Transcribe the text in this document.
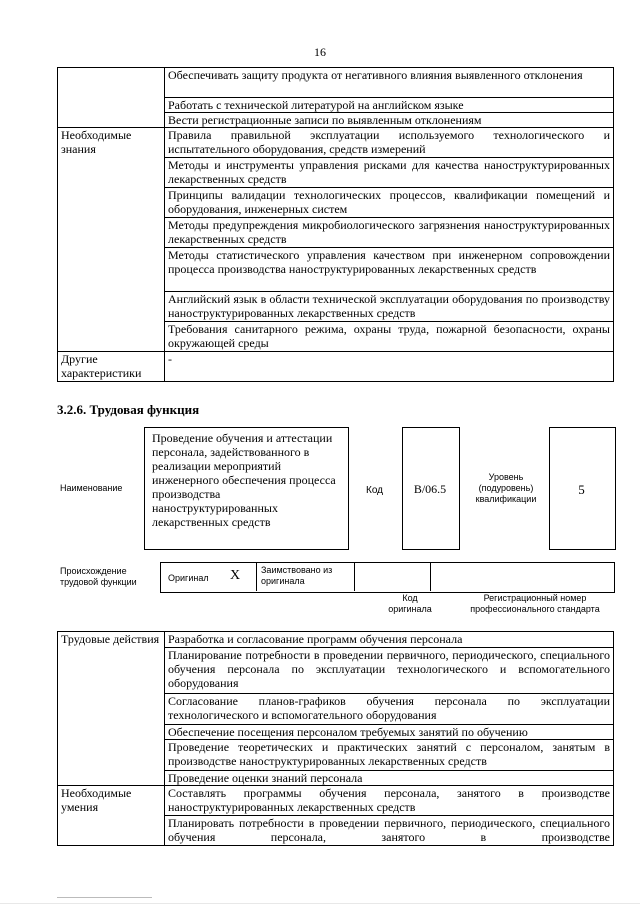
16
	Обеспечивать защиту продукта от негативного влияния выявленного отклонения
	Работать с технической литературой на английском языке
	Вести регистрационные записи по выявленным отклонениям
Необходимые знания	Правила правильной эксплуатации используемого технологического и испытательного оборудования, средств измерений
	Методы и инструменты управления рисками для качества наноструктурированных лекарственных средств
	Принципы валидации технологических процессов, квалификации помещений и оборудования, инженерных систем
	Методы предупреждения микробиологического загрязнения наноструктурированных лекарственных средств
	Методы статистического управления качеством при инженерном сопровождении процесса производства наноструктурированных лекарственных средств
	Английский язык в области технической эксплуатации оборудования по производству наноструктурированных лекарственных средств
	Требования санитарного режима, охраны труда, пожарной безопасности, охраны окружающей среды
Другие характеристики	-
3.2.6. Трудовая функция
Наименование
Проведение обучения и аттестации персонала, задействованного в реализации мероприятий инженерного обеспечения процесса производства наноструктурированных лекарственных средств
Код	B/06.5
Уровень (подуровень) квалификации
5
Происхождение трудовой функции	Оригинал X Заимствовано из оригинала
Код оригинала
Регистрационный номер профессионального стандарта
Трудовые действия	Разработка и согласование программ обучения персонала
	Планирование потребности в проведении первичного, периодического, специального обучения персонала по эксплуатации технологического и вспомогательного оборудования
	Согласование планов-графиков обучения персонала по эксплуатации технологического и вспомогательного оборудования
	Обеспечение посещения персоналом требуемых занятий по обучению
	Проведение теоретических и практических занятий с персоналом, занятым в производстве наноструктурированных лекарственных средств
	Проведение оценки знаний персонала
Необходимые умения	Составлять программы обучения персонала, занятого в производстве наноструктурированных лекарственных средств
	Планировать потребности в проведении первичного, периодического, специального обучения персонала, занятого в производстве
